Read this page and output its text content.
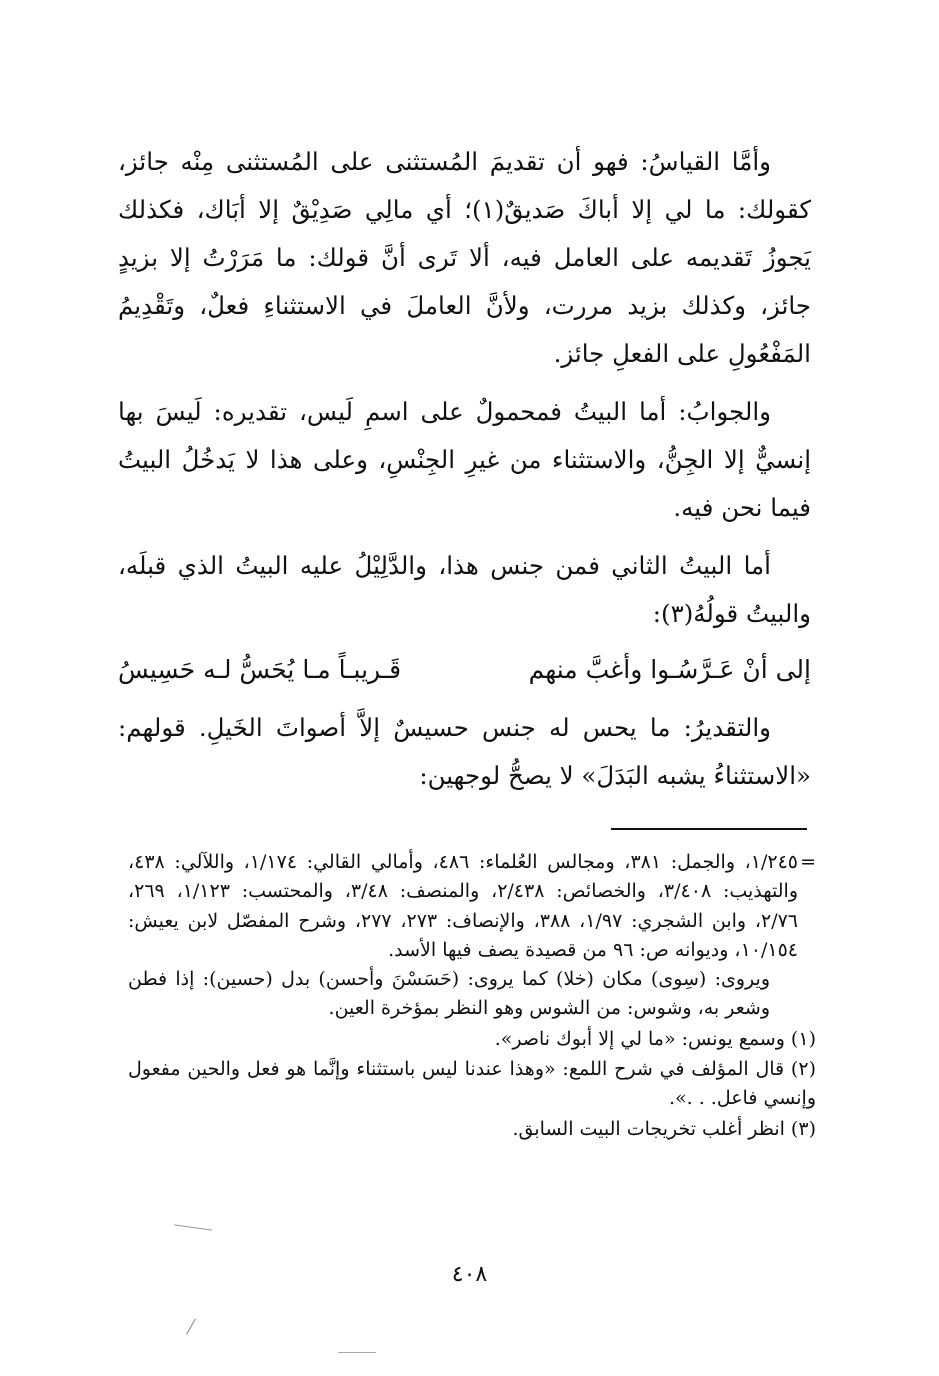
وأمَّا القياسُ: فهو أن تقديمَ المُستثنى على المُستثنى مِنْه جائز، كقولك: ما لي إلا أباكَ صَديقٌ(١)؛ أي مالِي صَدِيْقٌ إلا أبَاك، فكذلك يَجوزُ تَقديمه على العامل فيه، ألا تَرى أنَّ قولك: ما مَرَرْتُ إلا بزيدٍ جائز، وكذلك بزيد مررت، ولأنَّ العاملَ في الاستثناءِ فعلٌ، وتَقْدِيمُ المَفْعُولِ على الفعلِ جائز.

والجوابُ: أما البيتُ فمحمولٌ على اسمِ لَيس، تقديره: لَيسَ بها إنسيٌّ إلا الجِنُّ، والاستثناء من غيرِ الجِنْسِ، وعلى هذا لا يَدخُلُ البيتُ فيما نحن فيه.

أما البيتُ الثاني فمن جنس هذا، والدَّلِيْلُ عليه البيتُ الذي قبلَه، والبيتُ قولُهُ(٣):

إلى أنْ عَـرَّسُـوا وأغبَّ منهم
قَـريبـاً مـا يُحَسُّ لـه حَسِيسُ

والتقديرُ: ما يحس له جنس حسيسٌ إلاَّ أصواتَ الخَيلِ. قولهم: «الاستثناءُ يشبه البَدَلَ» لا يصحُّ لوجهين:

=
١/٢٤٥، والجمل: ٣٨١، ومجالس العُلماء: ٤٨٦، وأمالي القالي: ١/١٧٤، واللآلي: ٤٣٨، والتهذيب: ٣/٤٠٨، والخصائص: ٢/٤٣٨، والمنصف: ٣/٤٨، والمحتسب: ١/١٢٣، ٢٦٩، ٢/٧٦، وابن الشجري: ١/٩٧، ٣٨٨، والإنصاف: ٢٧٣، ٢٧٧، وشرح المفصّل لابن يعيش: ١٠/١٥٤، وديوانه ص: ٩٦ من قصيدة يصف فيها الأسد.

ويروى: (سِوى) مكان (خلا) كما يروى: (حَسَسْنَ وأحسن) بدل (حسين): إذا فطن وشعر به، وشوس: من الشوس وهو النظر بمؤخرة العين.

(١) وسمع يونس: «ما لي إلا أبوك ناصر».

(٢) قال المؤلف في شرح اللمع: «وهذا عندنا ليس باستثناء وإنَّما هو فعل والحين مفعول وإنسي فاعل. . .».

(٣) انظر أغلب تخريجات البيت السابق.

٤٠٨
